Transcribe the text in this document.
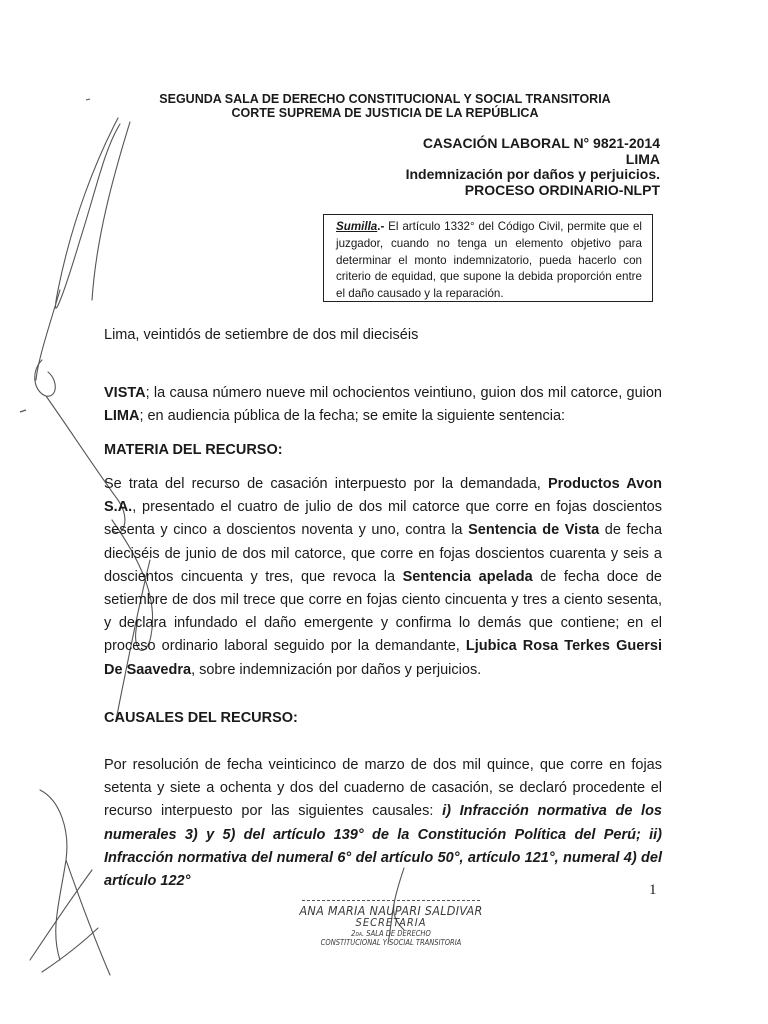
SEGUNDA SALA DE DERECHO CONSTITUCIONAL Y SOCIAL TRANSITORIA
CORTE SUPREMA DE JUSTICIA DE LA REPÚBLICA
CASACIÓN LABORAL N° 9821-2014
LIMA
Indemnización por daños y perjuicios.
PROCESO ORDINARIO-NLPT
Sumilla.- El artículo 1332° del Código Civil, permite que el juzgador, cuando no tenga un elemento objetivo para determinar el monto indemnizatorio, pueda hacerlo con criterio de equidad, que supone la debida proporción entre el daño causado y la reparación.
Lima, veintidós de setiembre de dos mil dieciséis

VISTA; la causa número nueve mil ochocientos veintiuno, guion dos mil catorce, guion LIMA; en audiencia pública de la fecha; se emite la siguiente sentencia:

MATERIA DEL RECURSO:

Se trata del recurso de casación interpuesto por la demandada, Productos Avon S.A., presentado el cuatro de julio de dos mil catorce que corre en fojas doscientos sesenta y cinco a doscientos noventa y uno, contra la Sentencia de Vista de fecha dieciséis de junio de dos mil catorce, que corre en fojas doscientos cuarenta y seis a doscientos cincuenta y tres, que revoca la Sentencia apelada de fecha doce de setiembre de dos mil trece que corre en fojas ciento cincuenta y tres a ciento sesenta, y declara infundado el daño emergente y confirma lo demás que contiene; en el proceso ordinario laboral seguido por la demandante, Ljubica Rosa Terkes Guersi De Saavedra, sobre indemnización por daños y perjuicios.

CAUSALES DEL RECURSO:

Por resolución de fecha veinticinco de marzo de dos mil quince, que corre en fojas setenta y siete a ochenta y dos del cuaderno de casación, se declaró procedente el recurso interpuesto por las siguientes causales: i) Infracción normativa de los numerales 3) y 5) del artículo 139° de la Constitución Política del Perú; ii) Infracción normativa del numeral 6° del artículo 50°, artículo 121°, numeral 4) del artículo 122°

1
ANA MARIA NAUPARI SALDIVAR
SECRETARIA
2da. SALA DE DERECHO
CONSTITUCIONAL Y SOCIAL TRANSITORIA
